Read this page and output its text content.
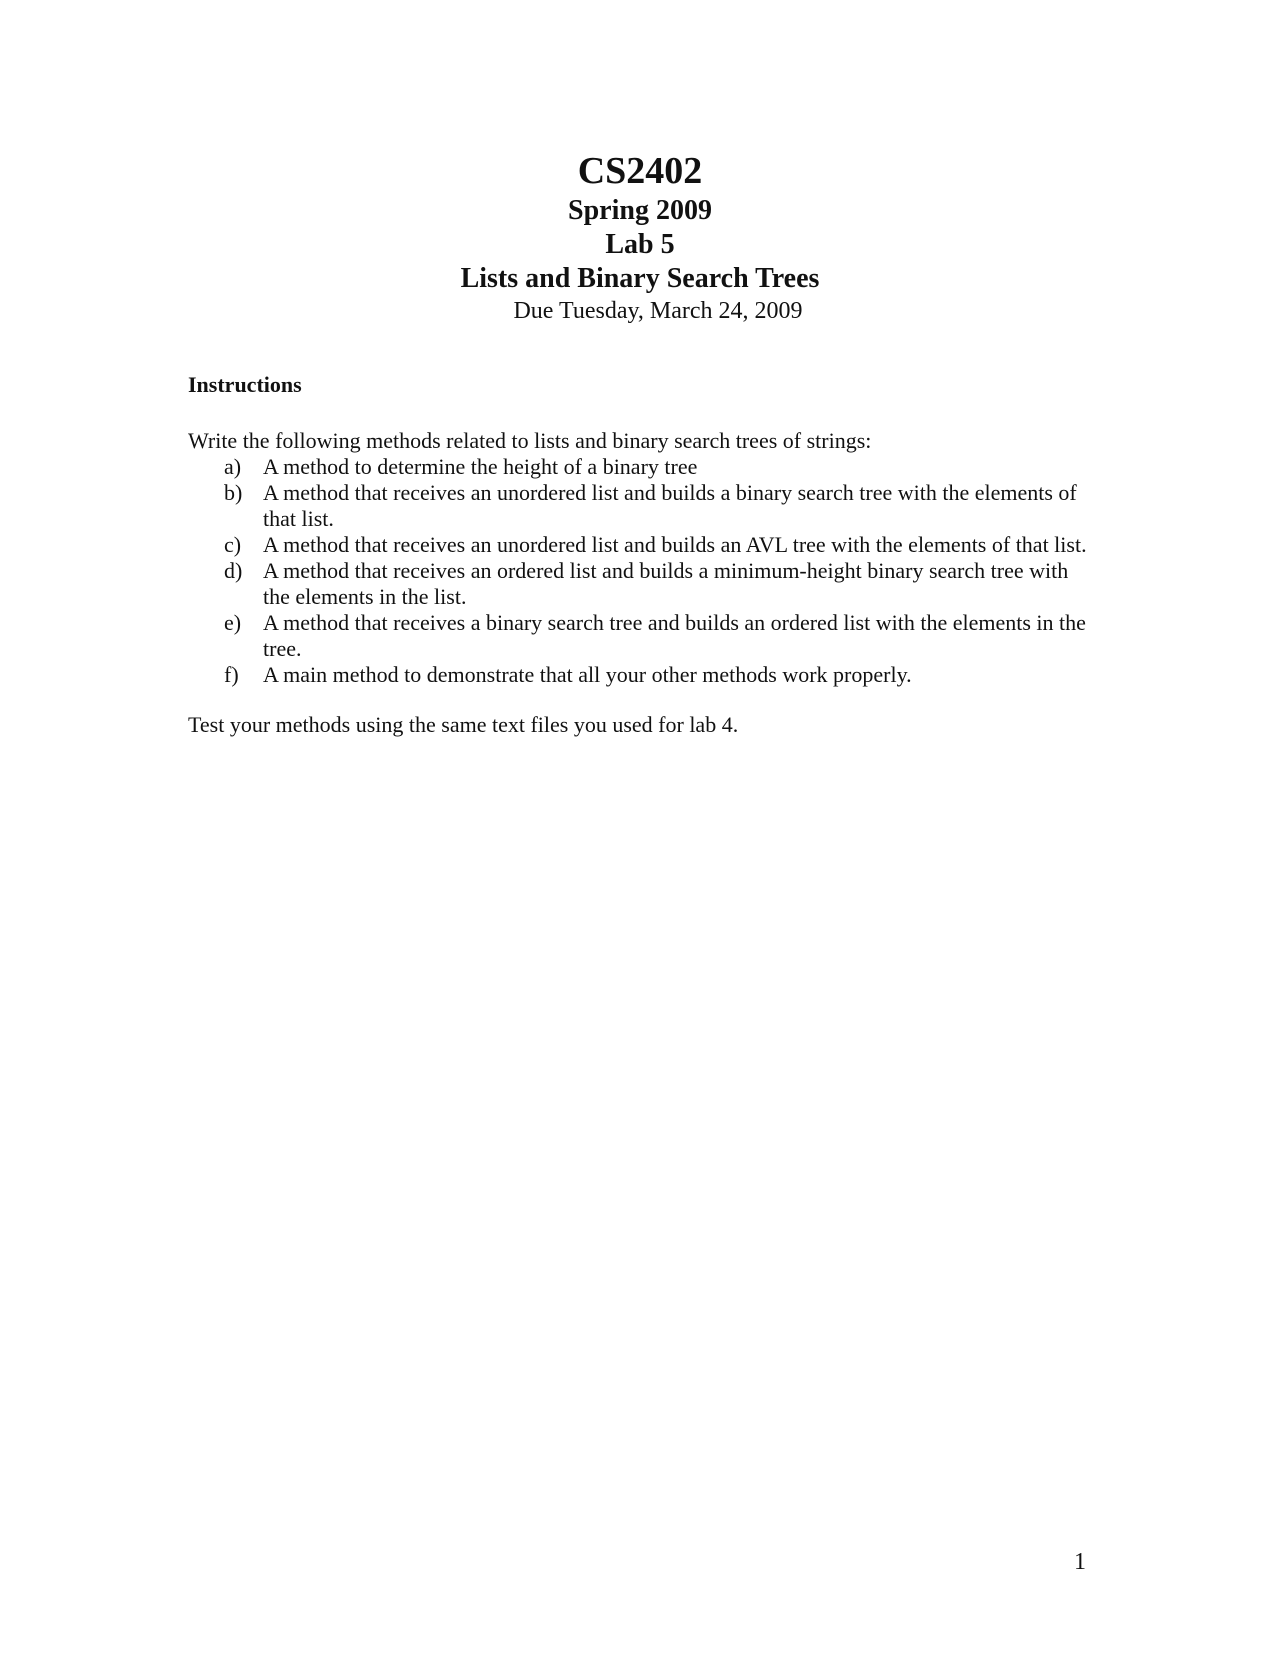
CS2402
Spring 2009
Lab 5
Lists and Binary Search Trees
Due Tuesday, March 24, 2009
Instructions
Write the following methods related to lists and binary search trees of strings:
a) A method to determine the height of a binary tree
b) A method that receives an unordered list and builds a binary search tree with the elements of that list.
c) A method that receives an unordered list and builds an AVL tree with the elements of that list.
d) A method that receives an ordered list and builds a minimum-height binary search tree with the elements in the list.
e) A method that receives a binary search tree and builds an ordered list with the elements in the tree.
f) A main method to demonstrate that all your other methods work properly.
Test your methods using the same text files you used for lab 4.
1
